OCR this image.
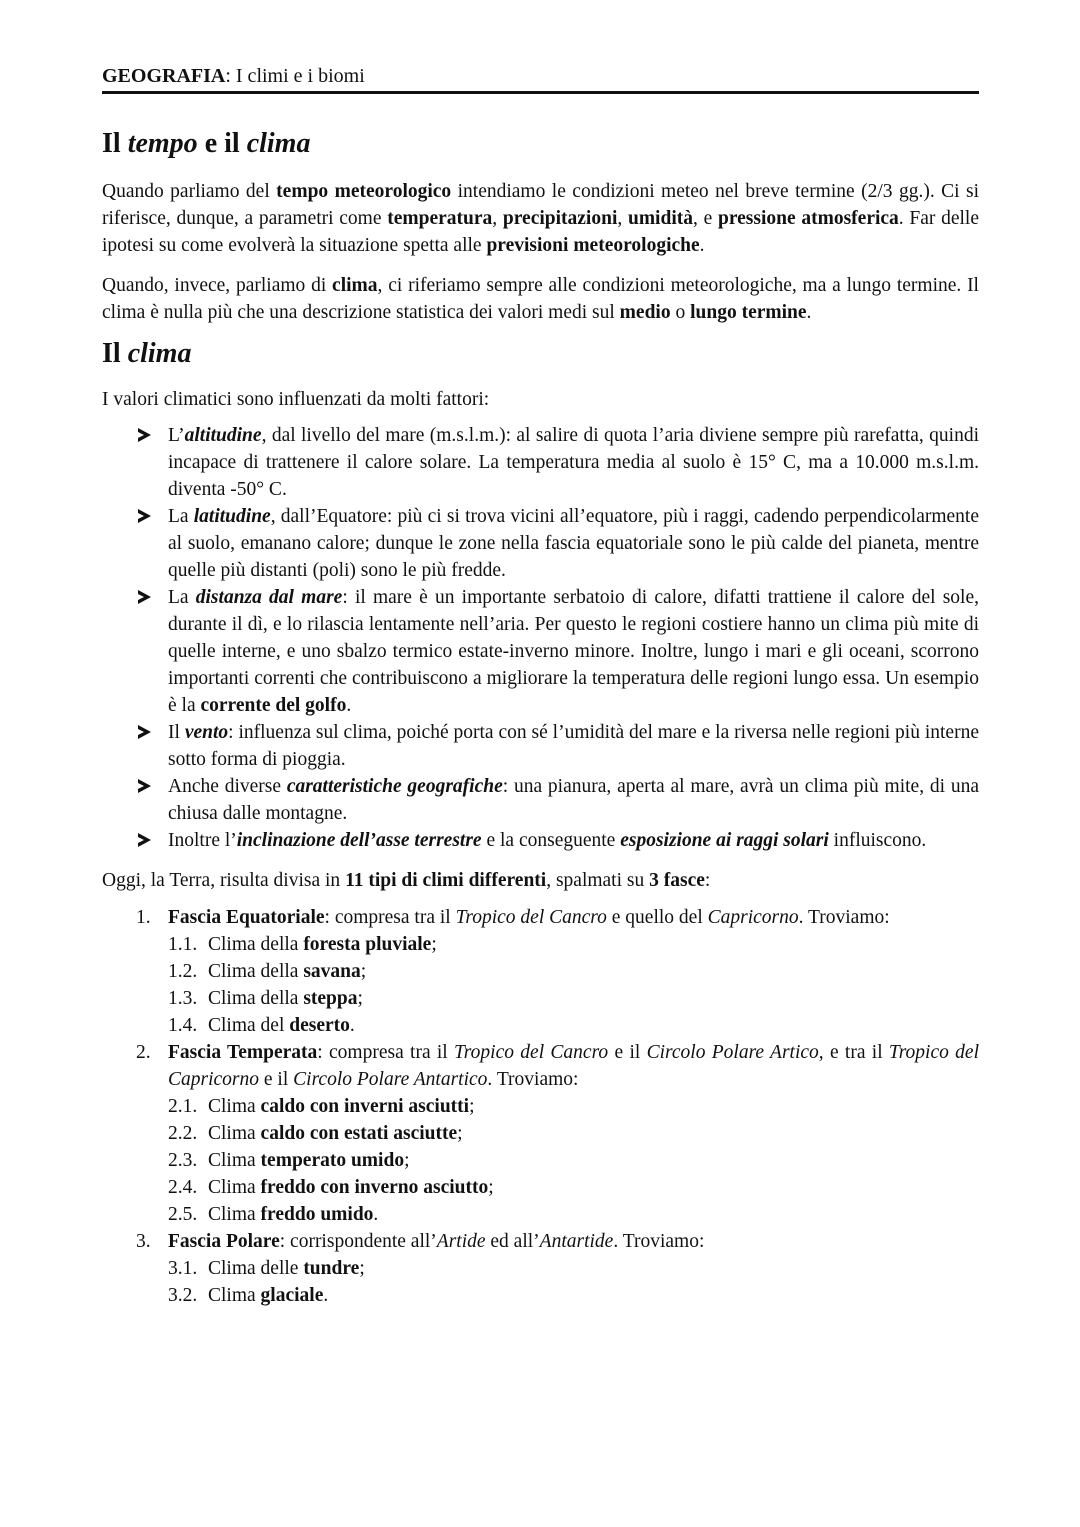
GEOGRAFIA: I climi e i biomi
Il tempo e il clima

Quando parliamo del tempo meteorologico intendiamo le condizioni meteo nel breve termine (2/3 gg.). Ci si riferisce, dunque, a parametri come temperatura, precipitazioni, umidità, e pressione atmosferica. Far delle ipotesi su come evolverà la situazione spetta alle previsioni meteorologiche.

Quando, invece, parliamo di clima, ci riferiamo sempre alle condizioni meteorologiche, ma a lungo termine. Il clima è nulla più che una descrizione statistica dei valori medi sul medio o lungo termine.

Il clima

I valori climatici sono influenzati da molti fattori:

L’altitudine, dal livello del mare (m.s.l.m.): al salire di quota l’aria diviene sempre più rarefatta, quindi incapace di trattenere il calore solare. La temperatura media al suolo è 15° C, ma a 10.000 m.s.l.m. diventa -50° C.
La latitudine, dall’Equatore: più ci si trova vicini all’equatore, più i raggi, cadendo perpendicolarmente al suolo, emanano calore; dunque le zone nella fascia equatoriale sono le più calde del pianeta, mentre quelle più distanti (poli) sono le più fredde.
La distanza dal mare: il mare è un importante serbatoio di calore, difatti trattiene il calore del sole, durante il dì, e lo rilascia lentamente nell’aria. Per questo le regioni costiere hanno un clima più mite di quelle interne, e uno sbalzo termico estate-inverno minore. Inoltre, lungo i mari e gli oceani, scorrono importanti correnti che contribuiscono a migliorare la temperatura delle regioni lungo essa. Un esempio è la corrente del golfo.
Il vento: influenza sul clima, poiché porta con sé l’umidità del mare e la riversa nelle regioni più interne sotto forma di pioggia.
Anche diverse caratteristiche geografiche: una pianura, aperta al mare, avrà un clima più mite, di una chiusa dalle montagne.
Inoltre l’inclinazione dell’asse terrestre e la conseguente esposizione ai raggi solari influiscono.

Oggi, la Terra, risulta divisa in 11 tipi di climi differenti, spalmati su 3 fasce:

1. Fascia Equatoriale: compresa tra il Tropico del Cancro e quello del Capricorno. Troviamo:
1.1. Clima della foresta pluviale;
1.2. Clima della savana;
1.3. Clima della steppa;
1.4. Clima del deserto.
2. Fascia Temperata: compresa tra il Tropico del Cancro e il Circolo Polare Artico, e tra il Tropico del Capricorno e il Circolo Polare Antartico. Troviamo:
2.1. Clima caldo con inverni asciutti;
2.2. Clima caldo con estati asciutte;
2.3. Clima temperato umido;
2.4. Clima freddo con inverno asciutto;
2.5. Clima freddo umido.
3. Fascia Polare: corrispondente all’Artide ed all’Antartide. Troviamo:
3.1. Clima delle tundre;
3.2. Clima glaciale.
